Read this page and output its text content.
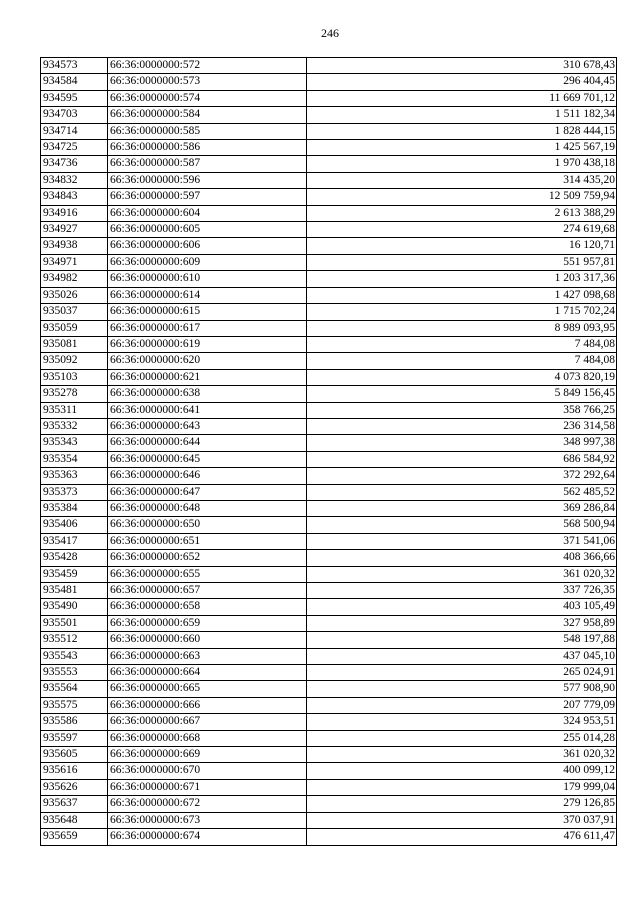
246
934573	66:36:0000000:572	310 678,43
934584	66:36:0000000:573	296 404,45
934595	66:36:0000000:574	11 669 701,12
934703	66:36:0000000:584	1 511 182,34
934714	66:36:0000000:585	1 828 444,15
934725	66:36:0000000:586	1 425 567,19
934736	66:36:0000000:587	1 970 438,18
934832	66:36:0000000:596	314 435,20
934843	66:36:0000000:597	12 509 759,94
934916	66:36:0000000:604	2 613 388,29
934927	66:36:0000000:605	274 619,68
934938	66:36:0000000:606	16 120,71
934971	66:36:0000000:609	551 957,81
934982	66:36:0000000:610	1 203 317,36
935026	66:36:0000000:614	1 427 098,68
935037	66:36:0000000:615	1 715 702,24
935059	66:36:0000000:617	8 989 093,95
935081	66:36:0000000:619	7 484,08
935092	66:36:0000000:620	7 484,08
935103	66:36:0000000:621	4 073 820,19
935278	66:36:0000000:638	5 849 156,45
935311	66:36:0000000:641	358 766,25
935332	66:36:0000000:643	236 314,58
935343	66:36:0000000:644	348 997,38
935354	66:36:0000000:645	686 584,92
935363	66:36:0000000:646	372 292,64
935373	66:36:0000000:647	562 485,52
935384	66:36:0000000:648	369 286,84
935406	66:36:0000000:650	568 500,94
935417	66:36:0000000:651	371 541,06
935428	66:36:0000000:652	408 366,66
935459	66:36:0000000:655	361 020,32
935481	66:36:0000000:657	337 726,35
935490	66:36:0000000:658	403 105,49
935501	66:36:0000000:659	327 958,89
935512	66:36:0000000:660	548 197,88
935543	66:36:0000000:663	437 045,10
935553	66:36:0000000:664	265 024,91
935564	66:36:0000000:665	577 908,90
935575	66:36:0000000:666	207 779,09
935586	66:36:0000000:667	324 953,51
935597	66:36:0000000:668	255 014,28
935605	66:36:0000000:669	361 020,32
935616	66:36:0000000:670	400 099,12
935626	66:36:0000000:671	179 999,04
935637	66:36:0000000:672	279 126,85
935648	66:36:0000000:673	370 037,91
935659	66:36:0000000:674	476 611,47
